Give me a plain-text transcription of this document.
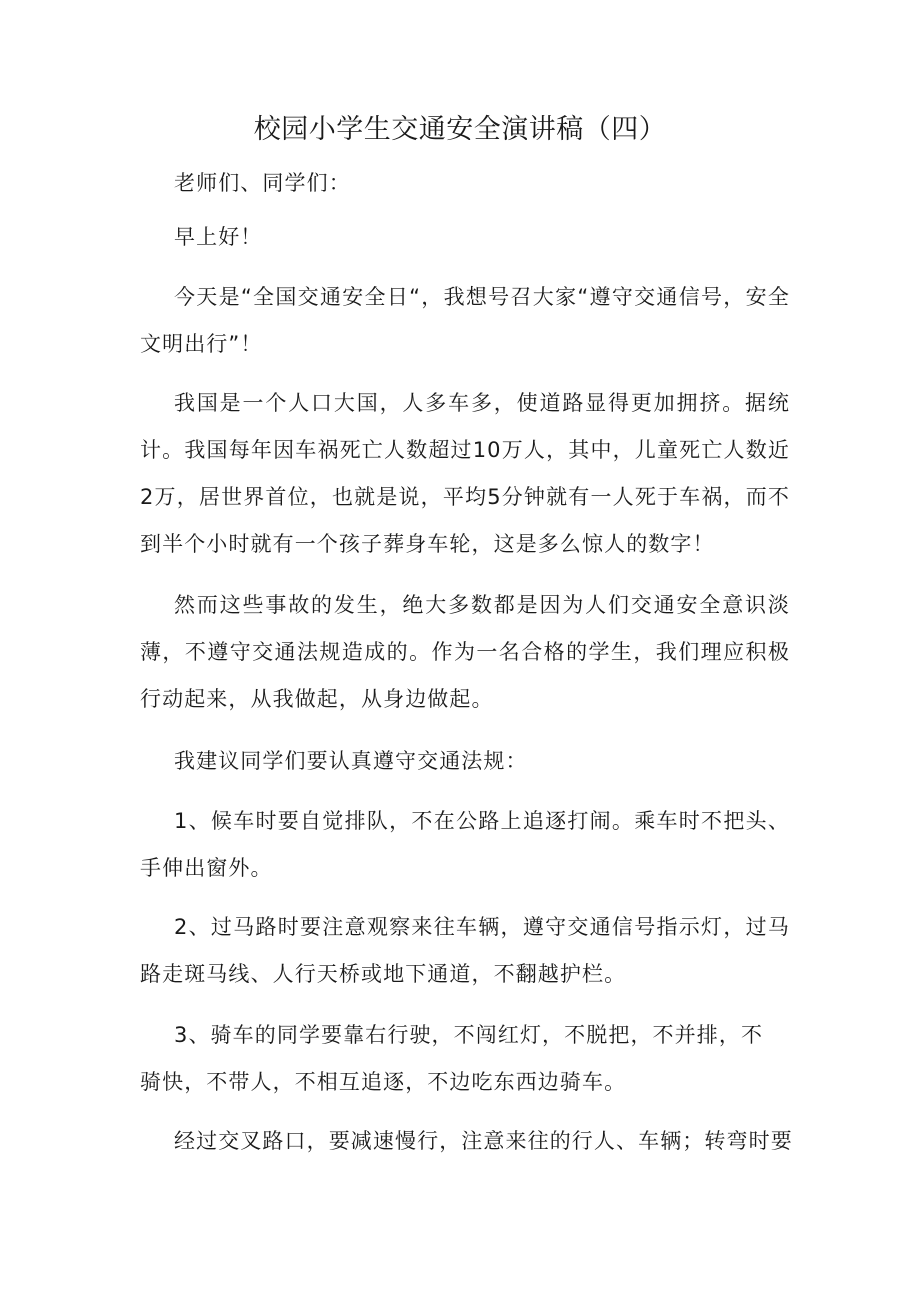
校园小学生交通安全演讲稿（四）
老师们、同学们：
早上好！
今天是“全国交通安全日“，我想号召大家“遵守交通信号，安全文明出行”！
我国是一个人口大国，人多车多，使道路显得更加拥挤。据统计。我国每年因车祸死亡人数超过10万人，其中，儿童死亡人数近2万，居世界首位，也就是说，平均5分钟就有一人死于车祸，而不到半个小时就有一个孩子葬身车轮，这是多么惊人的数字！
然而这些事故的发生，绝大多数都是因为人们交通安全意识淡薄，不遵守交通法规造成的。作为一名合格的学生，我们理应积极行动起来，从我做起，从身边做起。
我建议同学们要认真遵守交通法规：
1、候车时要自觉排队，不在公路上追逐打闹。乘车时不把头、手伸出窗外。
2、过马路时要注意观察来往车辆，遵守交通信号指示灯，过马路走斑马线、人行天桥或地下通道，不翻越护栏。
3、骑车的同学要靠右行驶，不闯红灯，不脱把，不并排，不
骑快，不带人，不相互追逐，不边吃东西边骑车。
经过交叉路口，要减速慢行，注意来往的行人、车辆；转弯时要
